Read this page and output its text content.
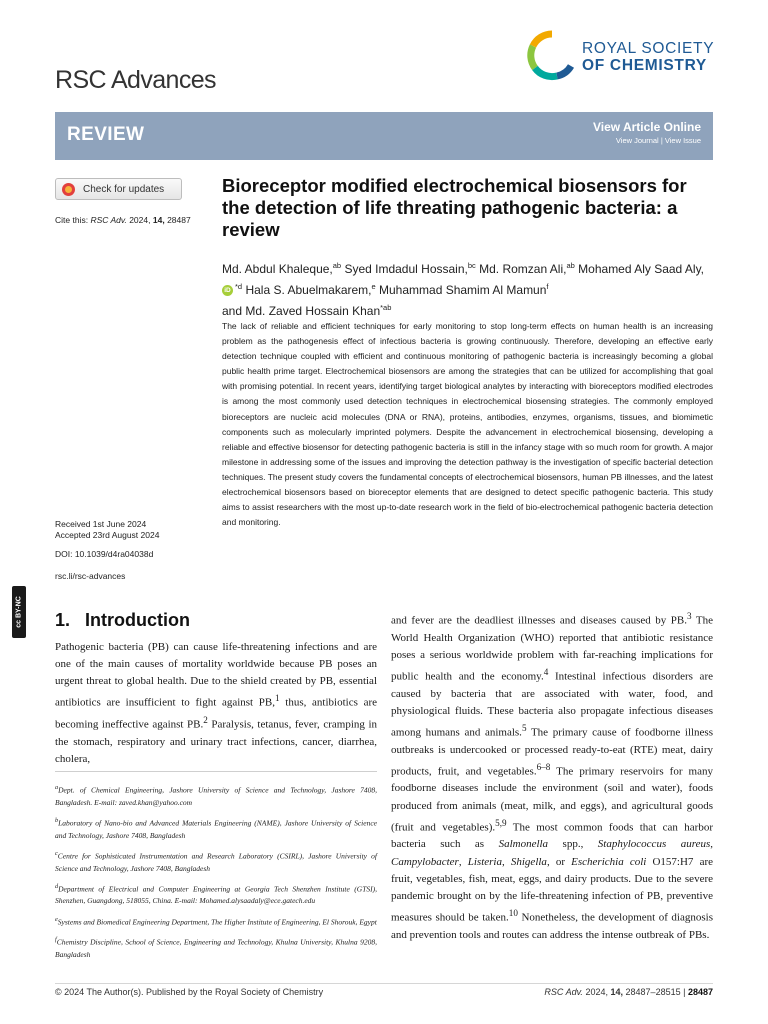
RSC Advances
ROYAL SOCIETY
OF CHEMISTRY
REVIEW	View Article Online
View Journal | View Issue
Check for updates
Cite this: RSC Adv. 2024, 14, 28487
Bioreceptor modified electrochemical biosensors for the detection of life threating pathogenic bacteria: a review
Md. Abdul Khaleque,$^{ab}$ Syed Imdadul Hossain,$^{bc}$ Md. Romzan Ali,$^{ab}$ Mohamed Aly Saad Aly, iD $^{*d}$ Hala S. Abuelmakarem,$^e$ Muhammad Shamim Al Mamun$^f$
and Md. Zaved Hossain Khan$^{*ab}$

The lack of reliable and efficient techniques for early monitoring to stop long-term effects on human health is an increasing problem as the pathogenesis effect of infectious bacteria is growing continuously. Therefore, developing an effective early detection technique coupled with efficient and continuous monitoring of pathogenic bacteria is increasingly becoming a global public health prime target. Electrochemical biosensors are among the strategies that can be utilized for accomplishing that goal with promising potential. In recent years, identifying target biological analytes by interacting with bioreceptors modified electrodes is among the most commonly used detection techniques in electrochemical biosensing strategies. The commonly employed bioreceptors are nucleic acid molecules (DNA or RNA), proteins, antibodies, enzymes, organisms, tissues, and biomimetic components such as molecularly imprinted polymers. Despite the advancement in electrochemical biosensing, developing a reliable and effective biosensor for detecting pathogenic bacteria is still in the infancy stage with so much room for growth. A major milestone in addressing some of the issues and improving the detection pathway is the investigation of specific bacterial detection techniques. The present study covers the fundamental concepts of electrochemical biosensors, human PB illnesses, and the latest electrochemical biosensors based on bioreceptor elements that are designed to detect specific pathogenic bacteria. This study aims to assist researchers with the most up-to-date research work in the field of bio-electrochemical pathogenic bacteria detection and monitoring.

Received 1st June 2024
Accepted 23rd August 2024
DOI: 10.1039/d4ra04038d
rsc.li/rsc-advances
cc BY-NC 1. Introduction

Pathogenic bacteria (PB) can cause life-threatening infections and are one of the main causes of mortality worldwide because PB poses an urgent threat to global health. Due to the shield created by PB, essential antibiotics are insufficient to fight against PB,$^1$ thus, antibiotics are becoming ineffective against PB.$^2$ Paralysis, tetanus, fever, cramping in the stomach, respiratory and urinary tract infections, cancer, diarrhea, cholera,

$^a$Dept. of Chemical Engineering, Jashore University of Science and Technology, Jashore 7408, Bangladesh. E-mail: zaved.khan@yahoo.com
$^b$Laboratory of Nano-bio and Advanced Materials Engineering (NAME), Jashore University of Science and Technology, Jashore 7408, Bangladesh
$^c$Centre for Sophisticated Instrumentation and Research Laboratory (CSIRL), Jashore University of Science and Technology, Jashore 7408, Bangladesh
$^d$Department of Electrical and Computer Engineering at Georgia Tech Shenzhen Institute (GTSI), Shenzhen, Guangdong, 518055, China. E-mail: Mohamed.alysaadaly@ece.gatech.edu
$^e$Systems and Biomedical Engineering Department, The Higher Institute of Engineering, El Shorouk, Egypt
$^f$Chemistry Discipline, School of Science, Engineering and Technology, Khulna University, Khulna 9208, Bangladesh

and fever are the deadliest illnesses and diseases caused by PB.$^3$ The World Health Organization (WHO) reported that antibiotic resistance poses a serious worldwide problem with far-reaching implications for public health and the economy.$^4$ Intestinal infectious disorders are caused by bacteria that are associated with water, food, and physiological fluids. These bacteria also propagate infectious diseases among humans and animals.$^5$ The primary cause of foodborne illness outbreaks is undercooked or processed ready-to-eat (RTE) meat, dairy products, fruit, and vegetables.$^{6-8}$ The primary reservoirs for many foodborne diseases include the environment (soil and water), foods produced from animals (meat, milk, and eggs), and agricultural goods (fruit and vegetables).$^{5,9}$ The most common foods that can harbor bacteria such as Salmonella spp., Staphylococcus aureus, Campylobacter, Listeria, Shigella, or Escherichia coli O157:H7 are fruit, vegetables, fish, meat, eggs, and dairy products. Due to the severe pandemic brought on by the life-threatening infection of PB, preventive measures should be taken.$^{10}$ Nonetheless, the development of diagnosis and prevention tools and routes can address the intense outbreak of PBs.

© 2024 The Author(s). Published by the Royal Society of Chemistry	RSC Adv. 2024, 14, 28487–28515 | 28487
